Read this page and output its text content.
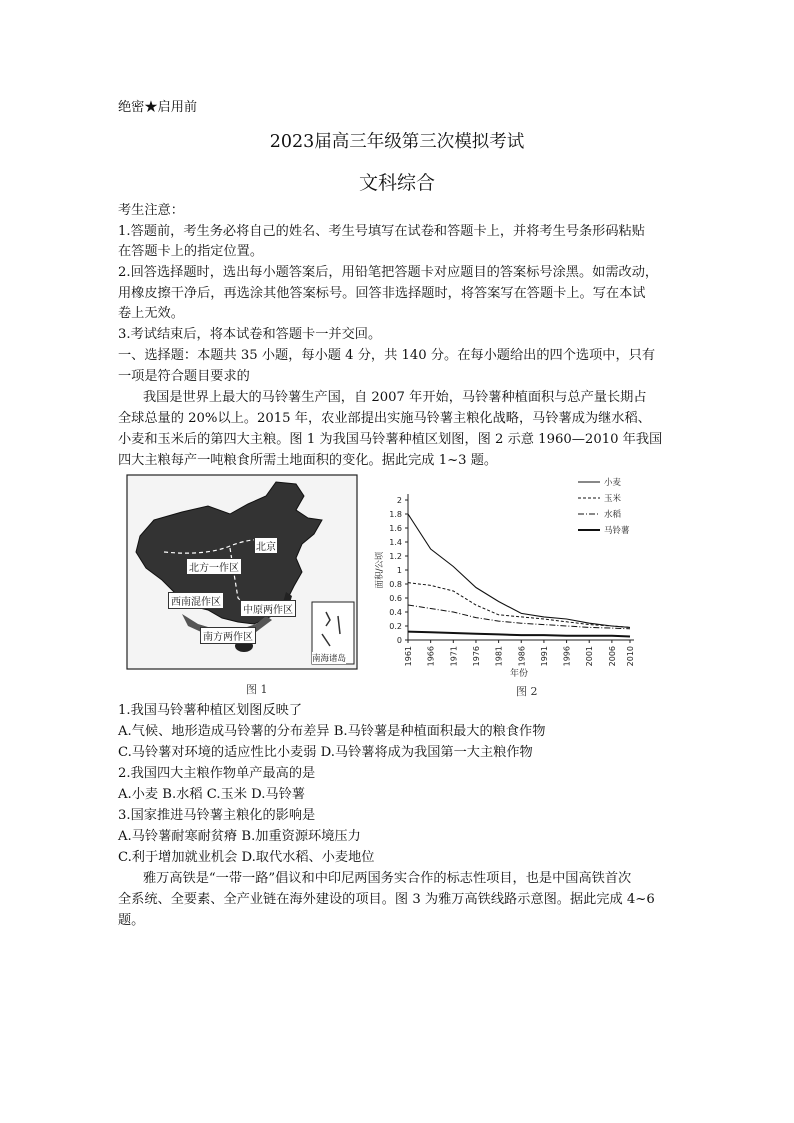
绝密★启用前
2023届高三年级第三次模拟考试
文科综合
考生注意：
1.答题前，考生务必将自己的姓名、考生号填写在试卷和答题卡上，并将考生号条形码粘贴
在答题卡上的指定位置。
2.回答选择题时，选出每小题答案后，用铅笔把答题卡对应题目的答案标号涂黑。如需改动，
用橡皮擦干净后，再选涂其他答案标号。回答非选择题时，将答案写在答题卡上。写在本试
卷上无效。
3.考试结束后，将本试卷和答题卡一并交回。
一、选择题：本题共 35 小题，每小题 4 分，共 140 分。在每小题给出的四个选项中，只有
一项是符合题目要求的
我国是世界上最大的马铃薯生产国，自 2007 年开始，马铃薯种植面积与总产量长期占
全球总量的 20%以上。2015 年，农业部提出实施马铃薯主粮化战略，马铃薯成为继水稻、
小麦和玉米后的第四大主粮。图 1 为我国马铃薯种植区划图，图 2 示意 1960—2010 年我国
四大主粮每产一吨粮食所需土地面积的变化。据此完成 1~3 题。
北京
北方一作区
西南混作区
中原两作区
南方两作区
南海诸岛
图 1
0
0.2
0.4
0.6
0.8
1
1.2
1.4
1.6
1.8
2
1961 1966 1971 1976 1981 1986 1991 1996 2001 2006 2010
面积/公顷
年份
小麦
玉米
水稻
马铃薯
图 2
1.我国马铃薯种植区划图反映了
A.气候、地形造成马铃薯的分布差异 B.马铃薯是种植面积最大的粮食作物
C.马铃薯对环境的适应性比小麦弱 D.马铃薯将成为我国第一大主粮作物
2.我国四大主粮作物单产最高的是
A.小麦 B.水稻 C.玉米 D.马铃薯
3.国家推进马铃薯主粮化的影响是
A.马铃薯耐寒耐贫瘠 B.加重资源环境压力
C.利于增加就业机会 D.取代水稻、小麦地位
雅万高铁是“一带一路”倡议和中印尼两国务实合作的标志性项目，也是中国高铁首次
全系统、全要素、全产业链在海外建设的项目。图 3 为雅万高铁线路示意图。据此完成 4~6
题。
